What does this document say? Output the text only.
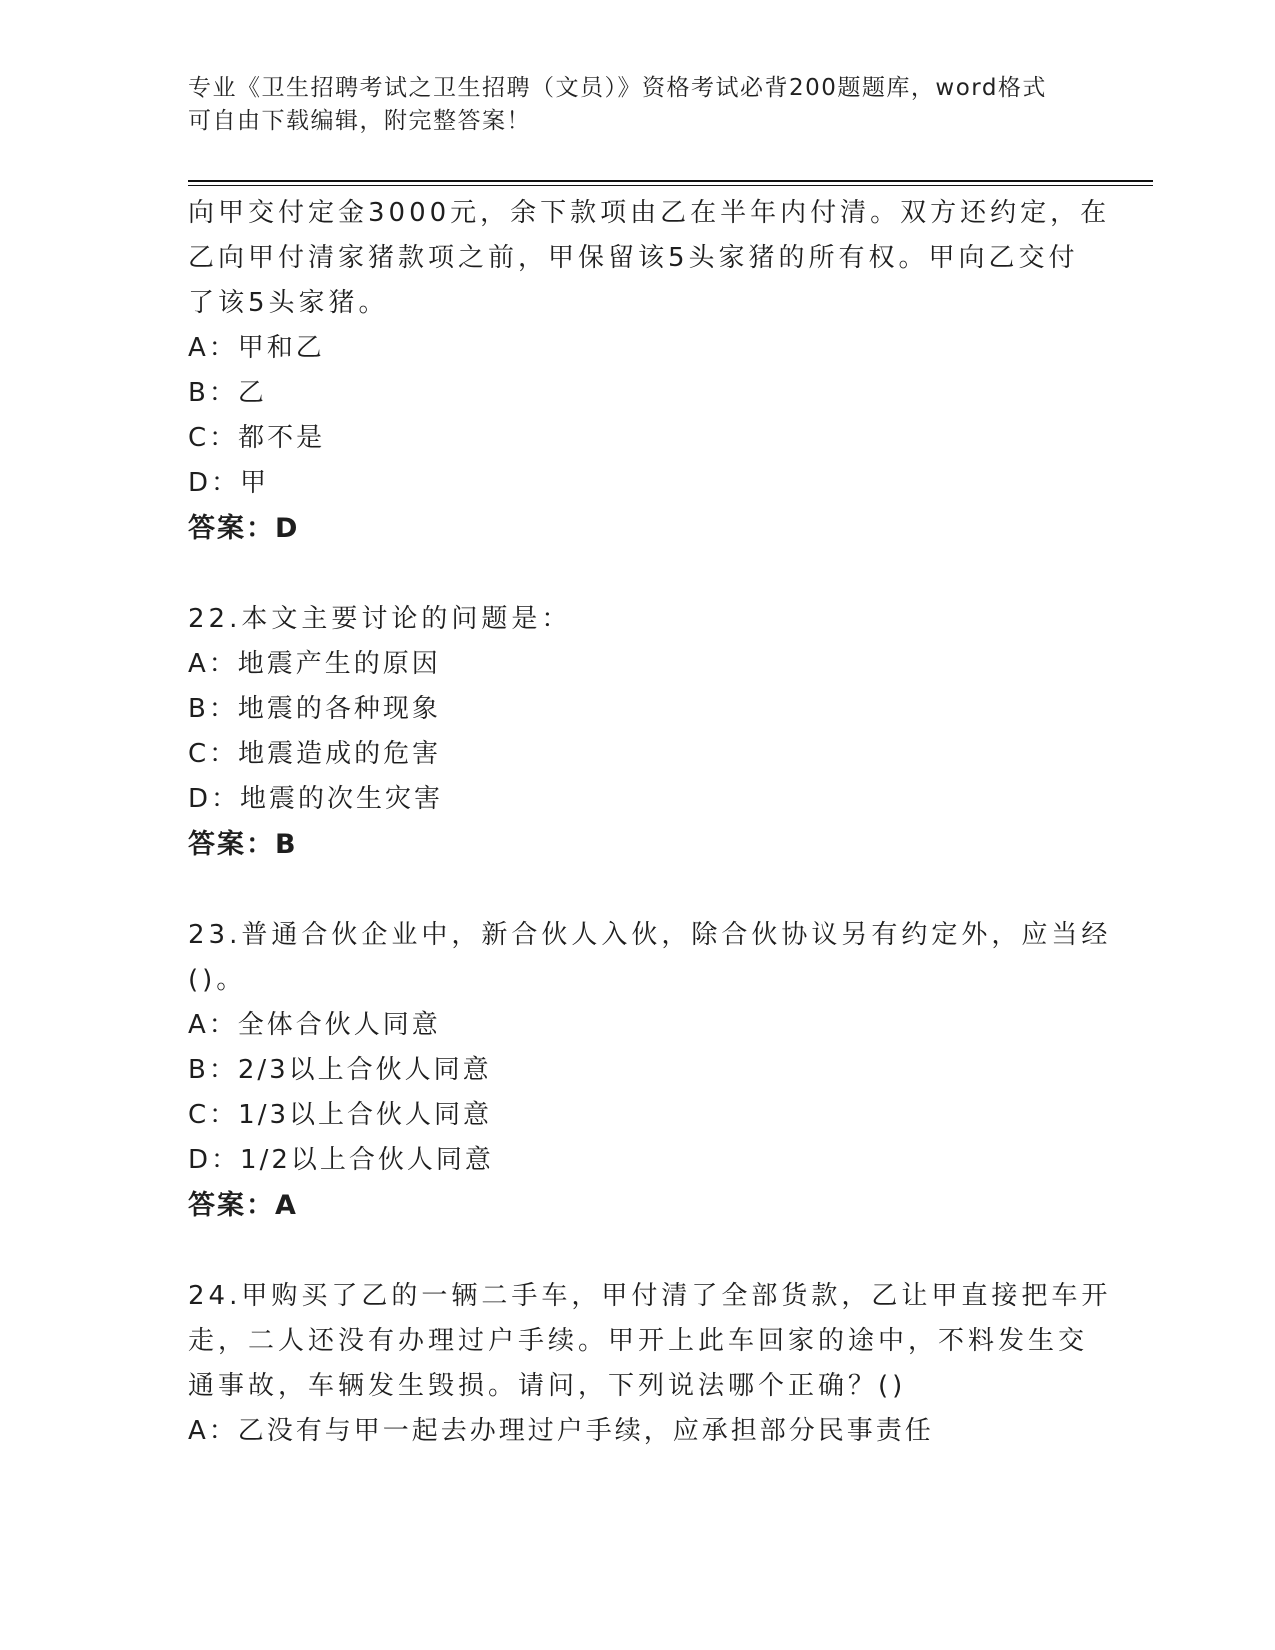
专业《卫生招聘考试之卫生招聘（文员）》资格考试必背200题题库，word格式
可自由下载编辑，附完整答案！
向甲交付定金3000元，余下款项由乙在半年内付清。双方还约定，在
乙向甲付清家猪款项之前，甲保留该5头家猪的所有权。甲向乙交付
了该5头家猪。
A：甲和乙
B：乙
C：都不是
D：甲
答案：D
22.本文主要讨论的问题是：
A：地震产生的原因
B：地震的各种现象
C：地震造成的危害
D：地震的次生灾害
答案：B
23.普通合伙企业中，新合伙人入伙，除合伙协议另有约定外，应当经
()。
A：全体合伙人同意
B：2/3以上合伙人同意
C：1/3以上合伙人同意
D：1/2以上合伙人同意
答案：A
24.甲购买了乙的一辆二手车，甲付清了全部货款，乙让甲直接把车开
走，二人还没有办理过户手续。甲开上此车回家的途中，不料发生交
通事故，车辆发生毁损。请问，下列说法哪个正确？()
A：乙没有与甲一起去办理过户手续，应承担部分民事责任
